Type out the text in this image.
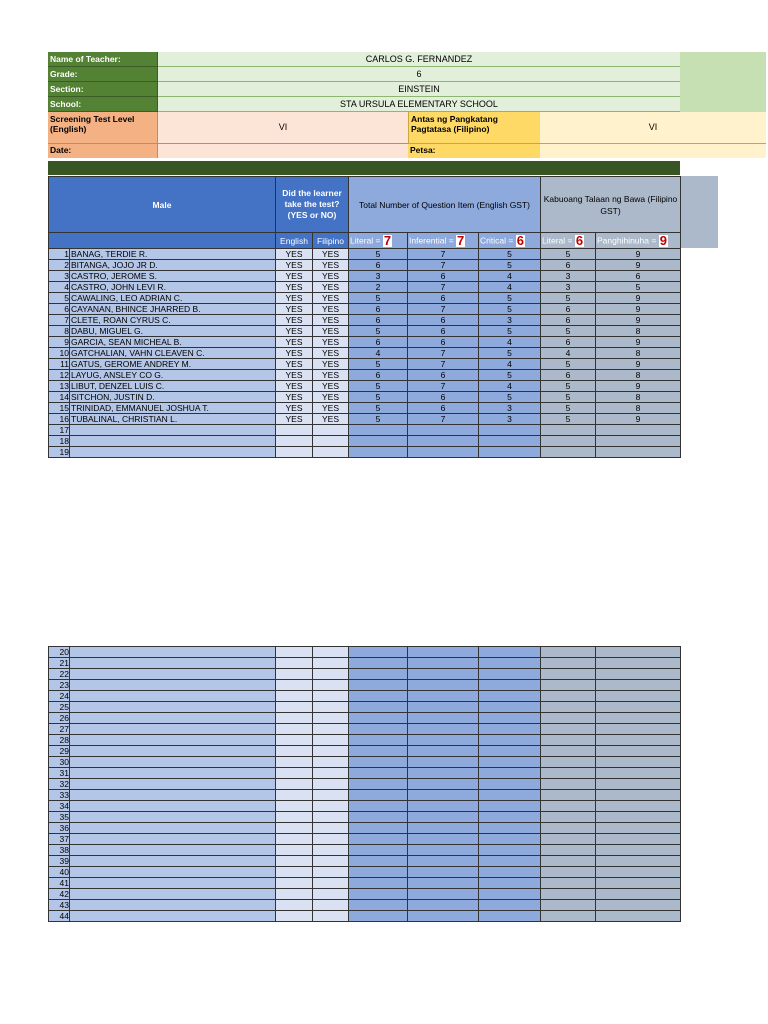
Name of Teacher:	CARLOS G. FERNANDEZ
Grade:	6
Section:	EINSTEIN
School:	STA URSULA ELEMENTARY SCHOOL
Screening Test Level (English)	VI
Antas ng Pangkatang Pagtatasa (Filipino)	VI
Date:	Petsa:
Male		Did the learner take the test? (YES or NO)		Total Number of Question Item (English GST)			Kabuoang Talaan ng Bawa (Filipino GST)	
		English	Filipino	Literal = 7	Inferential = 7	Critical = 6	Literal = 6	Panghihinuha = 9
1	BANAG, TERDIE R.	YES	YES	5	7	5	5	9
2	BITANGA, JOJO JR D.	YES	YES	6	7	5	6	9
3	CASTRO, JEROME S.	YES	YES	3	6	4	3	6
4	CASTRO, JOHN LEVI R.	YES	YES	2	7	4	3	5
5	CAWALING, LEO ADRIAN C.	YES	YES	5	6	5	5	9
6	CAYANAN, BHINCE JHARRED B.	YES	YES	6	7	5	6	9
7	CLETE, ROAN CYRUS C.	YES	YES	6	6	3	6	9
8	DABU, MIGUEL G.	YES	YES	5	6	5	5	8
9	GARCIA, SEAN MICHEAL B.	YES	YES	6	6	4	6	9
10	GATCHALIAN, VAHN CLEAVEN C.	YES	YES	4	7	5	4	8
11	GATUS, GEROME ANDREY M.	YES	YES	5	7	4	5	9
12	LAYUG, ANSLEY CO G.	YES	YES	6	6	5	6	8
13	LIBUT, DENZEL LUIS C.	YES	YES	5	7	4	5	9
14	SITCHON, JUSTIN D.	YES	YES	5	6	5	5	8
15	TRINIDAD, EMMANUEL JOSHUA T.	YES	YES	5	6	3	5	8
16	TUBALINAL, CHRISTIAN L.	YES	YES	5	7	3	5	9
17								
18								
19								
20								
21								
22								
23								
24								
25								
26								
27								
28								
29								
30								
31								
32								
33								
34								
35								
36								
37								
38								
39								
40								
41								
42								
43								
44								
